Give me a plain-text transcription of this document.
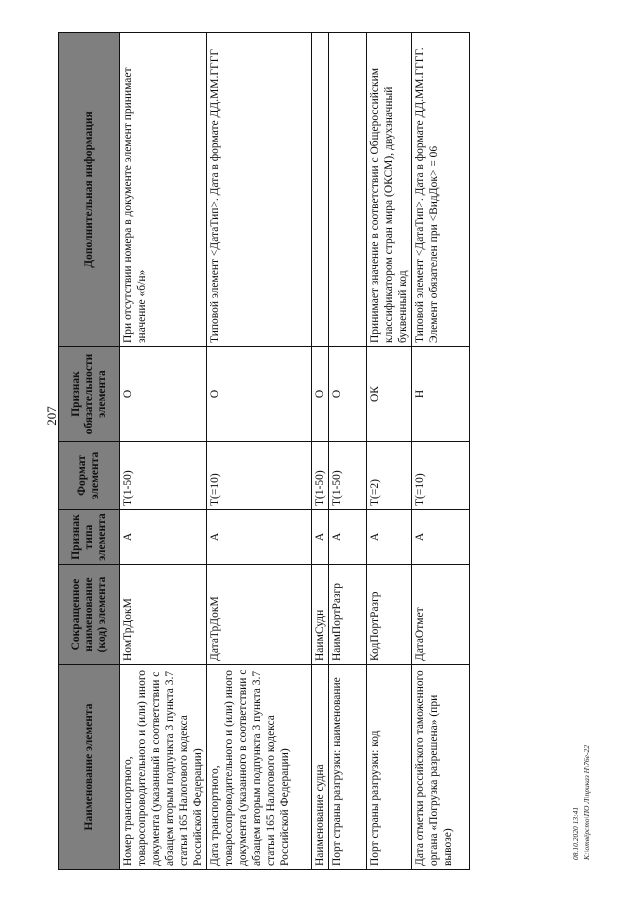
207
08.10.2020 13:41 К:\отвёрсто\ПО Л\приказ Н\76е-22
Наименование элемента	Сокращенное наименование (код) элемента	Признак типа элемента	Формат элемента	Признак обязательности элемента	Дополнительная информация
Номер транспортного, товаросопроводительного и (или) иного документа (указанный в соответствии с абзацем вторым подпункта 3 пункта 3.7 статьи 165 Налогового кодекса Российской Федерации)	НомТрДокМ	А	Т(1-50)	О	При отсутствии номера в документе элемент принимает значение «б/н»
Дата транспортного, товаросопроводительного и (или) иного документа (указанного в соответствии с абзацем вторым подпункта 3 пункта 3.7 статьи 165 Налогового кодекса Российской Федерации)	ДатаТрДокМ	А	Т(=10)	О	Типовой элемент <ДатаТип>. Дата в формате ДД.ММ.ГГГГ
Наименование судна	НаимСудн	А	Т(1-50)	О	
Порт страны разгрузки: наименование	НаимПортРазгр	А	Т(1-50)	О	
Порт страны разгрузки: код	КодПортРазгр	А	Т(=2)	ОК	Принимает значение в соответствии с Общероссийским классификатором стран мира (ОКСМ), двухзначный буквенный код
Дата отметки российского таможенного органа «Погрузка разрешена» (при вывозе)	ДатаОтмет	А	Т(=10)	Н	Типовой элемент <ДатаТип>. Дата в формате ДД.ММ.ГГГГ. Элемент обязателен при <ВидДок> = 06
